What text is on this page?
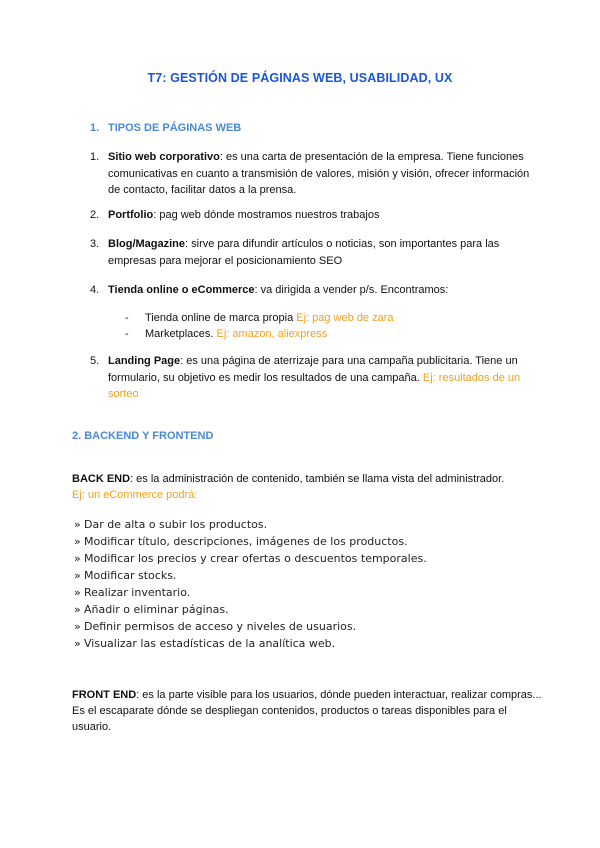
T7: GESTIÓN DE PÁGINAS WEB, USABILIDAD, UX
1. TIPOS DE PÁGINAS WEB
1. Sitio web corporativo: es una carta de presentación de la empresa. Tiene funciones comunicativas en cuanto a transmisión de valores, misión y visión, ofrecer información de contacto, facilitar datos a la prensa.
2. Portfolio: pag web dónde mostramos nuestros trabajos
3. Blog/Magazine: sirve para difundir artículos o noticias, son importantes para las empresas para mejorar el posicionamiento SEO
4. Tienda online o eCommerce: va dirigida a vender p/s. Encontramos:
- Tienda online de marca propia Ej: pag web de zara
- Marketplaces. Ej: amazon, aliexpress
5. Landing Page: es una página de aterrizaje para una campaña publicitaria. Tiene un formulario, su objetivo es medir los resultados de una campaña. Ej: resultados de un sorteo
2. BACKEND Y FRONTEND
BACK END: es la administración de contenido, también se llama vista del administrador.
Ej: un eCommerce podrá:
» Dar de alta o subir los productos.
» Modificar título, descripciones, imágenes de los productos.
» Modificar los precios y crear ofertas o descuentos temporales.
» Modificar stocks.
» Realizar inventario.
» Añadir o eliminar páginas.
» Definir permisos de acceso y niveles de usuarios.
» Visualizar las estadísticas de la analítica web.
FRONT END: es la parte visible para los usuarios, dónde pueden interactuar, realizar compras... Es el escaparate dónde se despliegan contenidos, productos o tareas disponibles para el usuario.
